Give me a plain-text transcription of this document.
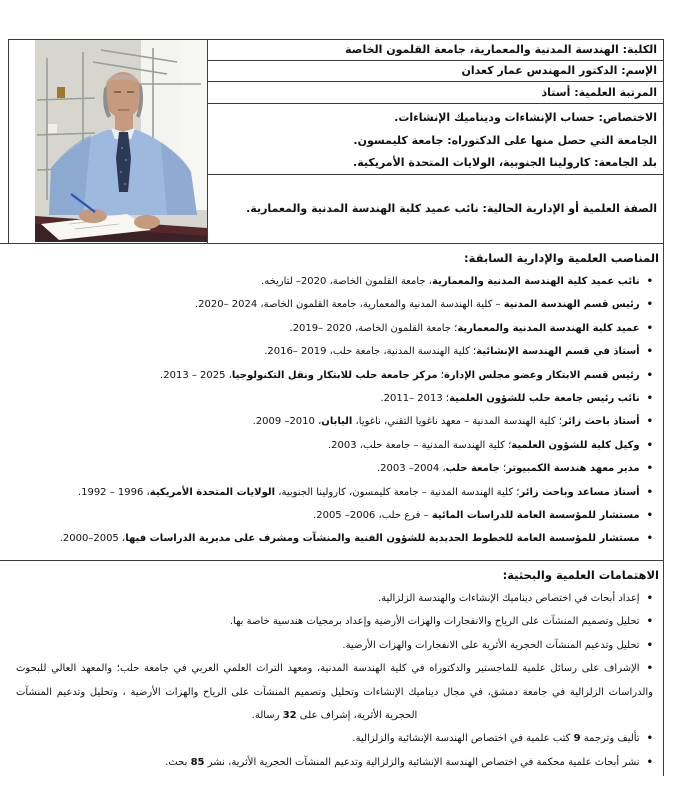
الكلية: الهندسة المدنية والمعمارية، جامعة القلمون الخاصة
الإسم: الدكتور المهندس عمار كعدان
المرتبة العلمية: أستاذ
الاختصاص: حساب الإنشاءات وديناميك الإنشاءات.
الجامعة التي حصل منها على الدكتوراه: جامعة كليمسون.
بلد الجامعة: كارولينا الجنوبية، الولايات المتحدة الأمريكية.
الصفة العلمية أو الإدارية الحالية: نائب عميد كلية الهندسة المدنية والمعمارية.
المناصب العلمية والإدارية السابقة:
•نائب عميد كلية الهندسة المدنية والمعمارية، جامعة القلمون الخاصة، 2020– لتاريخه.
•رئيس قسم الهندسة المدنية – كلية الهندسة المدنية والمعمارية، جامعة القلمون الخاصة، 2020– 2024.
•عميد كلية الهندسة المدنية والمعمارية؛ جامعة القلمون الخاصة، 2019– 2020.
•أستاذ في قسم الهندسة الإنشائية؛ كلية الهندسة المدنية، جامعة حلب، 2016– 2019.
•رئيس قسم الابتكار وعضو مجلس الإدارة؛ مركز جامعة حلب للابتكار ونقل التكنولوجيا، 2013 – 2025.
•نائب رئيس جامعة حلب للشؤون العلمية؛ 2011– 2013.
•أستاذ باحث زائر؛ كلية الهندسة المدنية – معهد ناغويا التقني، ناغويا، اليابان، 2009 –2010.
•وكيل كلية للشؤون العلمية؛ كلية الهندسة المدنية – جامعة حلب، 2003.
•مدير معهد هندسة الكمبيوتر؛ جامعة حلب، 2003 –2004.
•أستاذ مساعد وباحث زائر؛ كلية الهندسة المدنية – جامعة كليمسون، كارولينا الجنوبية، الولايات المتحدة الأمريكية، 1992 – 1996.
•مستشار للمؤسسة العامة للدراسات المائية – فرع حلب، 2005 –2006.
•مستشار للمؤسسة العامة للخطوط الحديدية للشؤون الفنية والمنشآت ومشرف على مديرية الدراسات فيها، 2000–2005.
الاهتمامات العلمية والبحثية:
•إعداد أبحاث في اختصاص ديناميك الإنشاءات والهندسة الزلزالية.
•تحليل وتصميم المنشآت على الرياح والانفجارات والهزات الأرضية وإعداد برمجيات هندسية خاصة بها.
•تحليل وتدعيم المنشآت الحجرية الأثرية على الانفجارات والهزات الأرضية.
•الإشراف على رسائل علمية للماجستير والدكتوراه في كلية الهندسة المدنية، ومعهد التراث العلمي العربي في جامعة حلب؛ والمعهد العالي للبحوث والدراسات الزلزالية في جامعة دمشق، في مجال ديناميك الإنشاءات وتحليل وتصميم المنشآت على الرياح والهزات الأرضية ، وتحليل وتدعيم المنشآت الحجرية الأثرية، إشراف على 32 رسالة.
•تأليف وترجمة 9 كتب علمية في اختصاص الهندسة الإنشائية والزلزالية.
•نشر أبحاث علمية محكمة في اختصاص الهندسة الإنشائية والزلزالية وتدعيم المنشآت الحجرية الأثرية، نشر 85 بحث.
